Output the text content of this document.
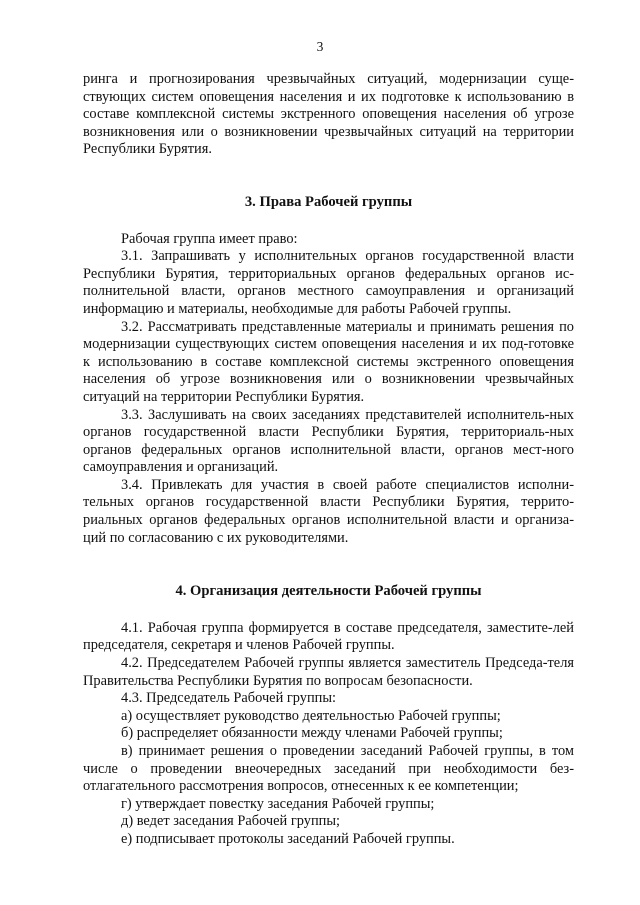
3

ринга и прогнозирования чрезвычайных ситуаций, модернизации суще-ствующих систем оповещения населения и их подготовке к использованию в составе комплексной системы экстренного оповещения населения об угрозе возникновения или о возникновении чрезвычайных ситуаций на территории Республики Бурятия.

3. Права Рабочей группы

Рабочая группа имеет право:

3.1. Запрашивать у исполнительных органов государственной власти Республики Бурятия, территориальных органов федеральных органов ис-полнительной власти, органов местного самоуправления и организаций информацию и материалы, необходимые для работы Рабочей группы.

3.2. Рассматривать представленные материалы и принимать решения по модернизации существующих систем оповещения населения и их под-готовке к использованию в составе комплексной системы экстренного оповещения населения об угрозе возникновения или о возникновении чрезвычайных ситуаций на территории Республики Бурятия.

3.3. Заслушивать на своих заседаниях представителей исполнитель-ных органов государственной власти Республики Бурятия, территориаль-ных органов федеральных органов исполнительной власти, органов мест-ного самоуправления и организаций.

3.4. Привлекать для участия в своей работе специалистов исполни-тельных органов государственной власти Республики Бурятия, террито-риальных органов федеральных органов исполнительной власти и организа-ций по согласованию с их руководителями.

4. Организация деятельности Рабочей группы

4.1. Рабочая группа формируется в составе председателя, заместите-лей председателя, секретаря и членов Рабочей группы.

4.2. Председателем Рабочей группы является заместитель Председа-теля Правительства Республики Бурятия по вопросам безопасности.

4.3. Председатель Рабочей группы:

а) осуществляет руководство деятельностью Рабочей группы;

б) распределяет обязанности между членами Рабочей группы;

в) принимает решения о проведении заседаний Рабочей группы, в том числе о проведении внеочередных заседаний при необходимости без-отлагательного рассмотрения вопросов, отнесенных к ее компетенции;

г) утверждает повестку заседания Рабочей группы;

д) ведет заседания Рабочей группы;

е) подписывает протоколы заседаний Рабочей группы.
